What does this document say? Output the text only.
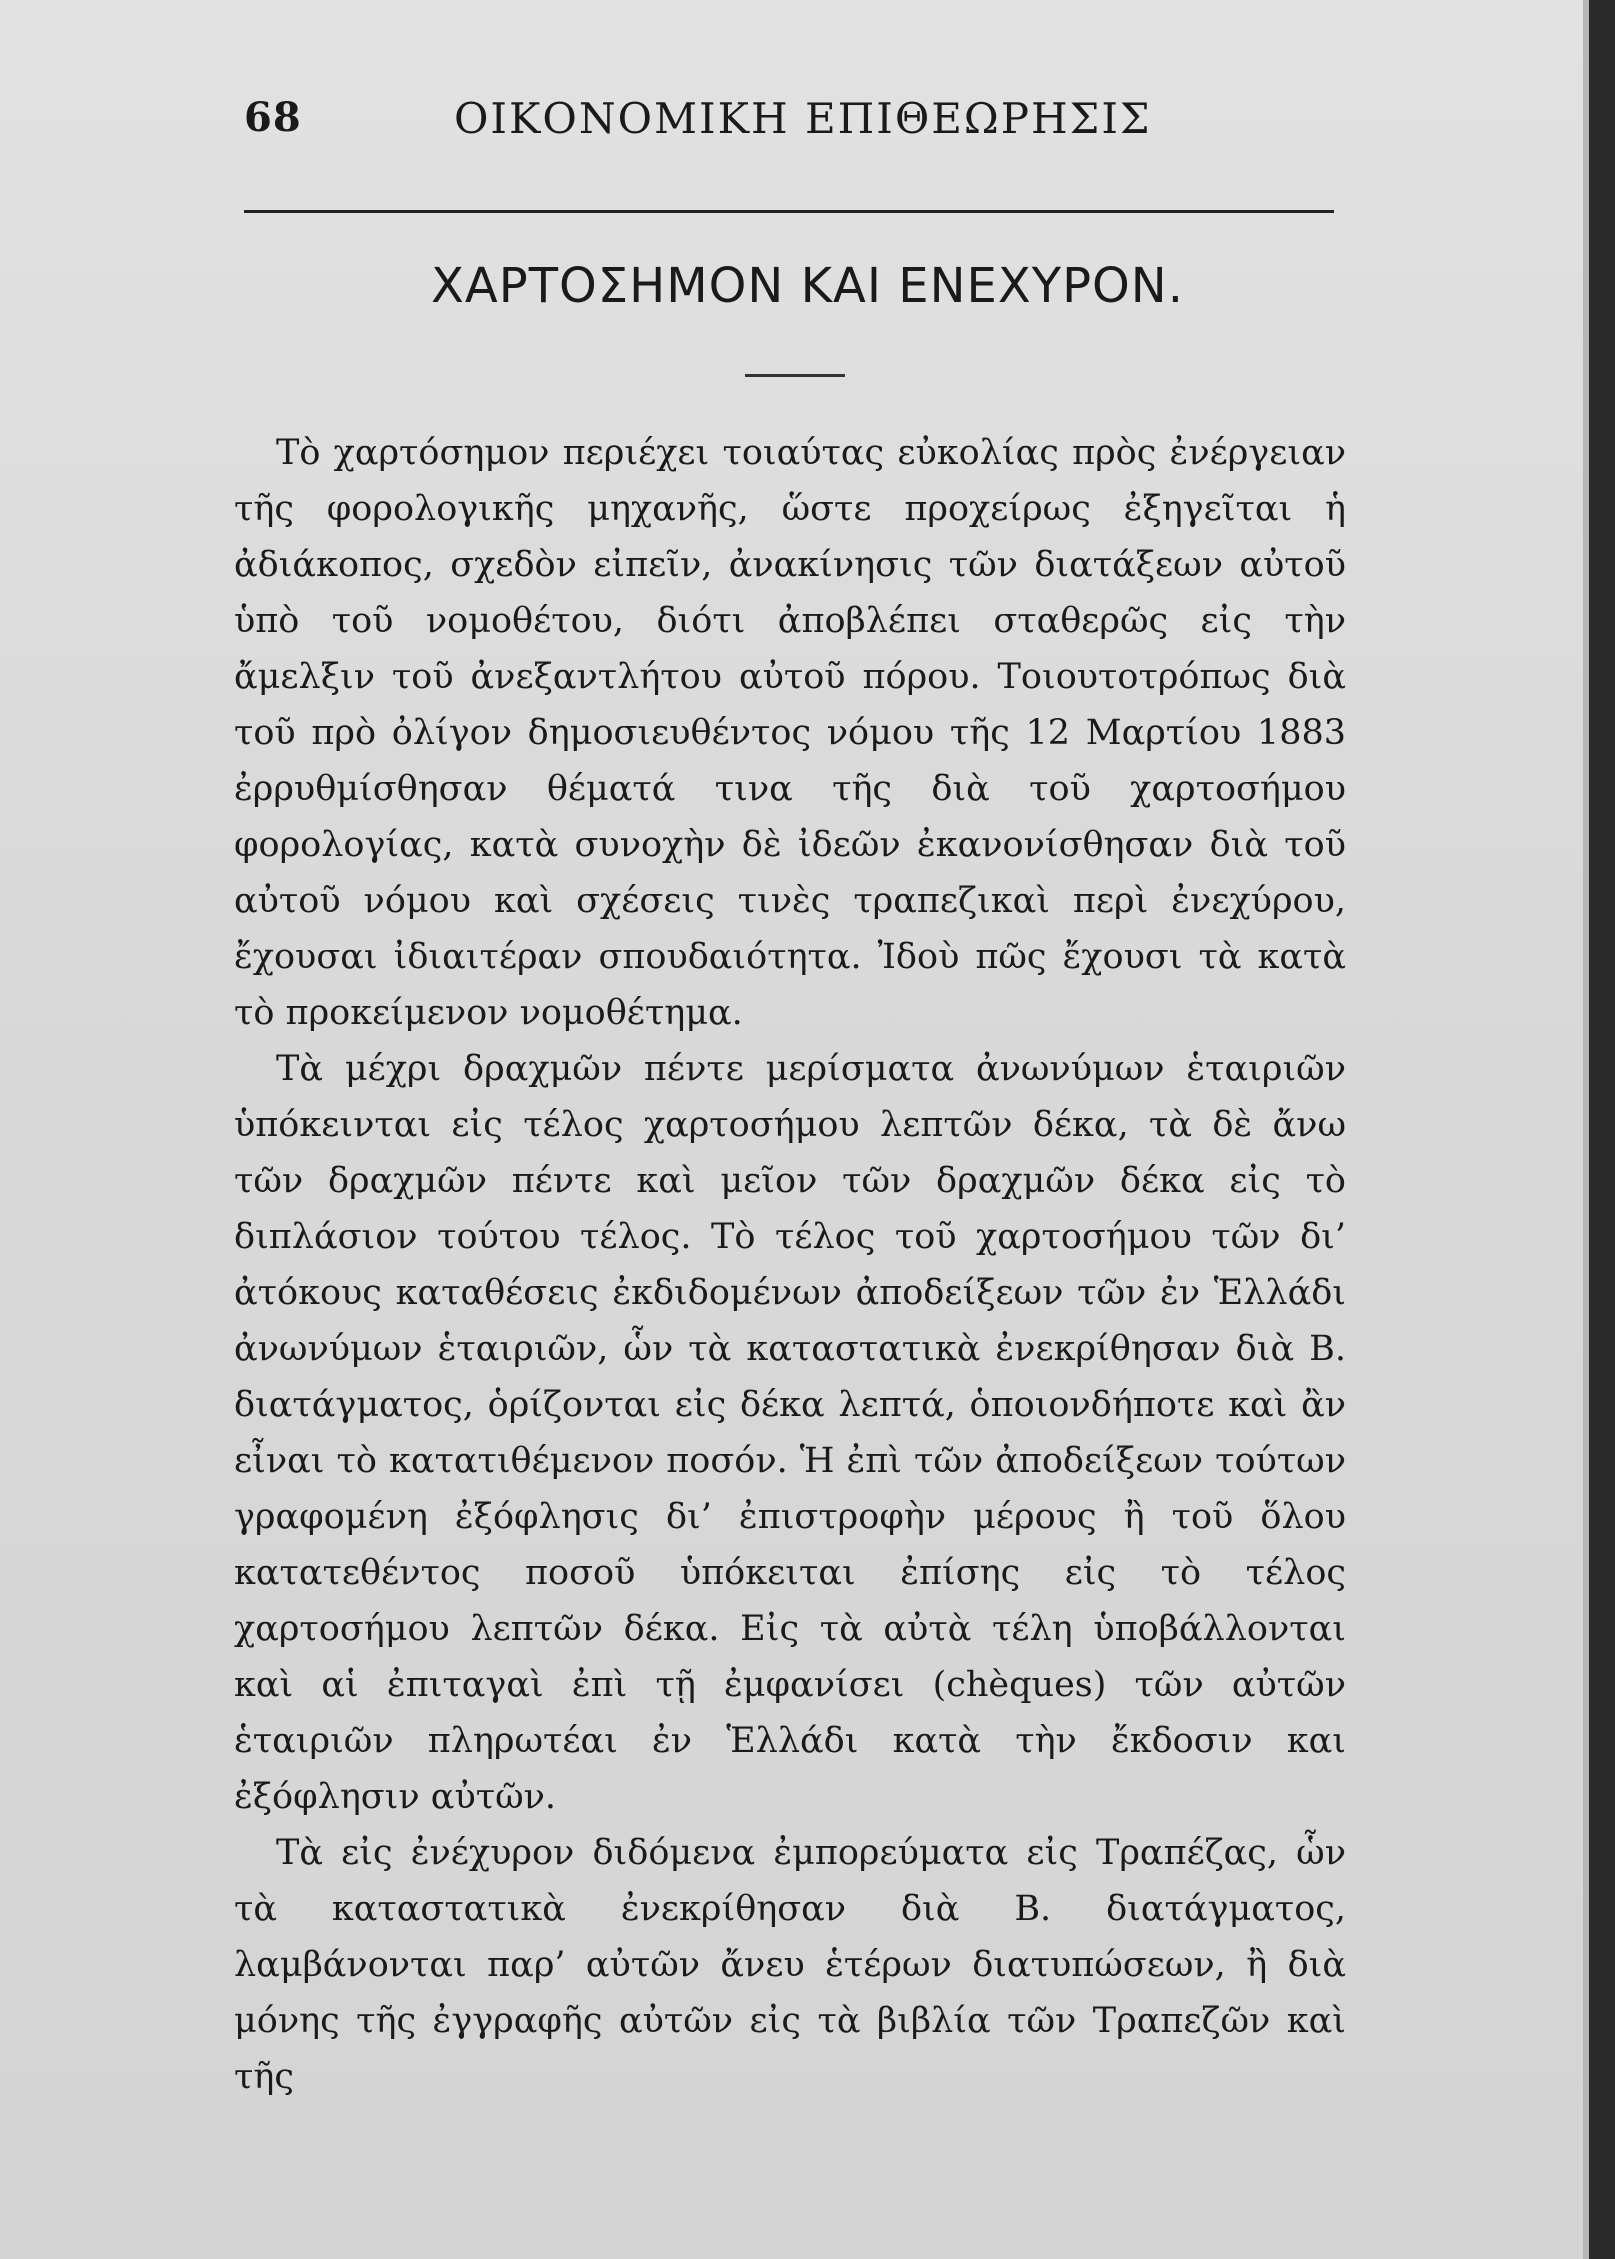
68	ΟΙΚΟΝΟΜΙΚΗ ΕΠΙΘΕΩΡΗΣΙΣ
ΧΑΡΤΟΣΗΜΟΝ ΚΑΙ ΕΝΕΧΥΡΟΝ.

Τὸ χαρτόσημον περιέχει τοιαύτας εὐκολίας πρὸς ἐνέργειαν τῆς φορολογικῆς μηχανῆς, ὥστε προχείρως ἐξηγεῖται ἡ ἀδιάκοπος, σχεδὸν εἰπεῖν, ἀνακίνησις τῶν διατάξεων αὐτοῦ ὑπὸ τοῦ νομοθέτου, διότι ἀποβλέπει σταθερῶς εἰς τὴν ἄμελξιν τοῦ ἀνεξαντλήτου αὐτοῦ πόρου. Τοιουτοτρόπως διὰ τοῦ πρὸ ὀλίγον δημοσιευθέντος νόμου τῆς 12 Μαρτίου 1883 ἐρρυθμίσθησαν θέματά τινα τῆς διὰ τοῦ χαρτοσήμου φορολογίας, κατὰ συνοχὴν δὲ ἰδεῶν ἐκανονίσθησαν διὰ τοῦ αὐτοῦ νόμου καὶ σχέσεις τινὲς τραπεζικαὶ περὶ ἐνεχύρου, ἔχουσαι ἰδιαιτέραν σπουδαιότητα. Ἰδοὺ πῶς ἔχουσι τὰ κατὰ τὸ προκείμενον νομοθέτημα.

Τὰ μέχρι δραχμῶν πέντε μερίσματα ἀνωνύμων ἑταιριῶν ὑπόκεινται εἰς τέλος χαρτοσήμου λεπτῶν δέκα, τὰ δὲ ἄνω τῶν δραχμῶν πέντε καὶ μεῖον τῶν δραχμῶν δέκα εἰς τὸ διπλάσιον τούτου τέλος. Τὸ τέλος τοῦ χαρτοσήμου τῶν δι’ ἀτόκους καταθέσεις ἐκδιδομένων ἀποδείξεων τῶν ἐν Ἑλλάδι ἀνωνύμων ἑταιριῶν, ὧν τὰ καταστατικὰ ἐνεκρίθησαν διὰ Β. διατάγματος, ὁρίζονται εἰς δέκα λεπτά, ὁποιονδήποτε καὶ ἂν εἶναι τὸ κατατιθέμενον ποσόν. Ἡ ἐπὶ τῶν ἀποδείξεων τούτων γραφομένη ἐξόφλησις δι’ ἐπιστροφὴν μέρους ἢ τοῦ ὅλου κατατεθέντος ποσοῦ ὑπόκειται ἐπίσης εἰς τὸ τέλος χαρτοσήμου λεπτῶν δέκα. Εἰς τὰ αὐτὰ τέλη ὑποβάλλονται καὶ αἱ ἐπιταγαὶ ἐπὶ τῇ ἐμφανίσει (chèques) τῶν αὐτῶν ἑταιριῶν πληρωτέαι ἐν Ἑλλάδι κατὰ τὴν ἔκδοσιν και ἐξόφλησιν αὐτῶν.

Τὰ εἰς ἐνέχυρον διδόμενα ἐμπορεύματα εἰς Τραπέζας, ὧν τὰ καταστατικὰ ἐνεκρίθησαν διὰ Β. διατάγματος, λαμβάνονται παρ’ αὐτῶν ἄνευ ἑτέρων διατυπώσεων, ἢ διὰ μόνης τῆς ἐγγραφῆς αὐτῶν εἰς τὰ βιβλία τῶν Τραπεζῶν καὶ τῆς
